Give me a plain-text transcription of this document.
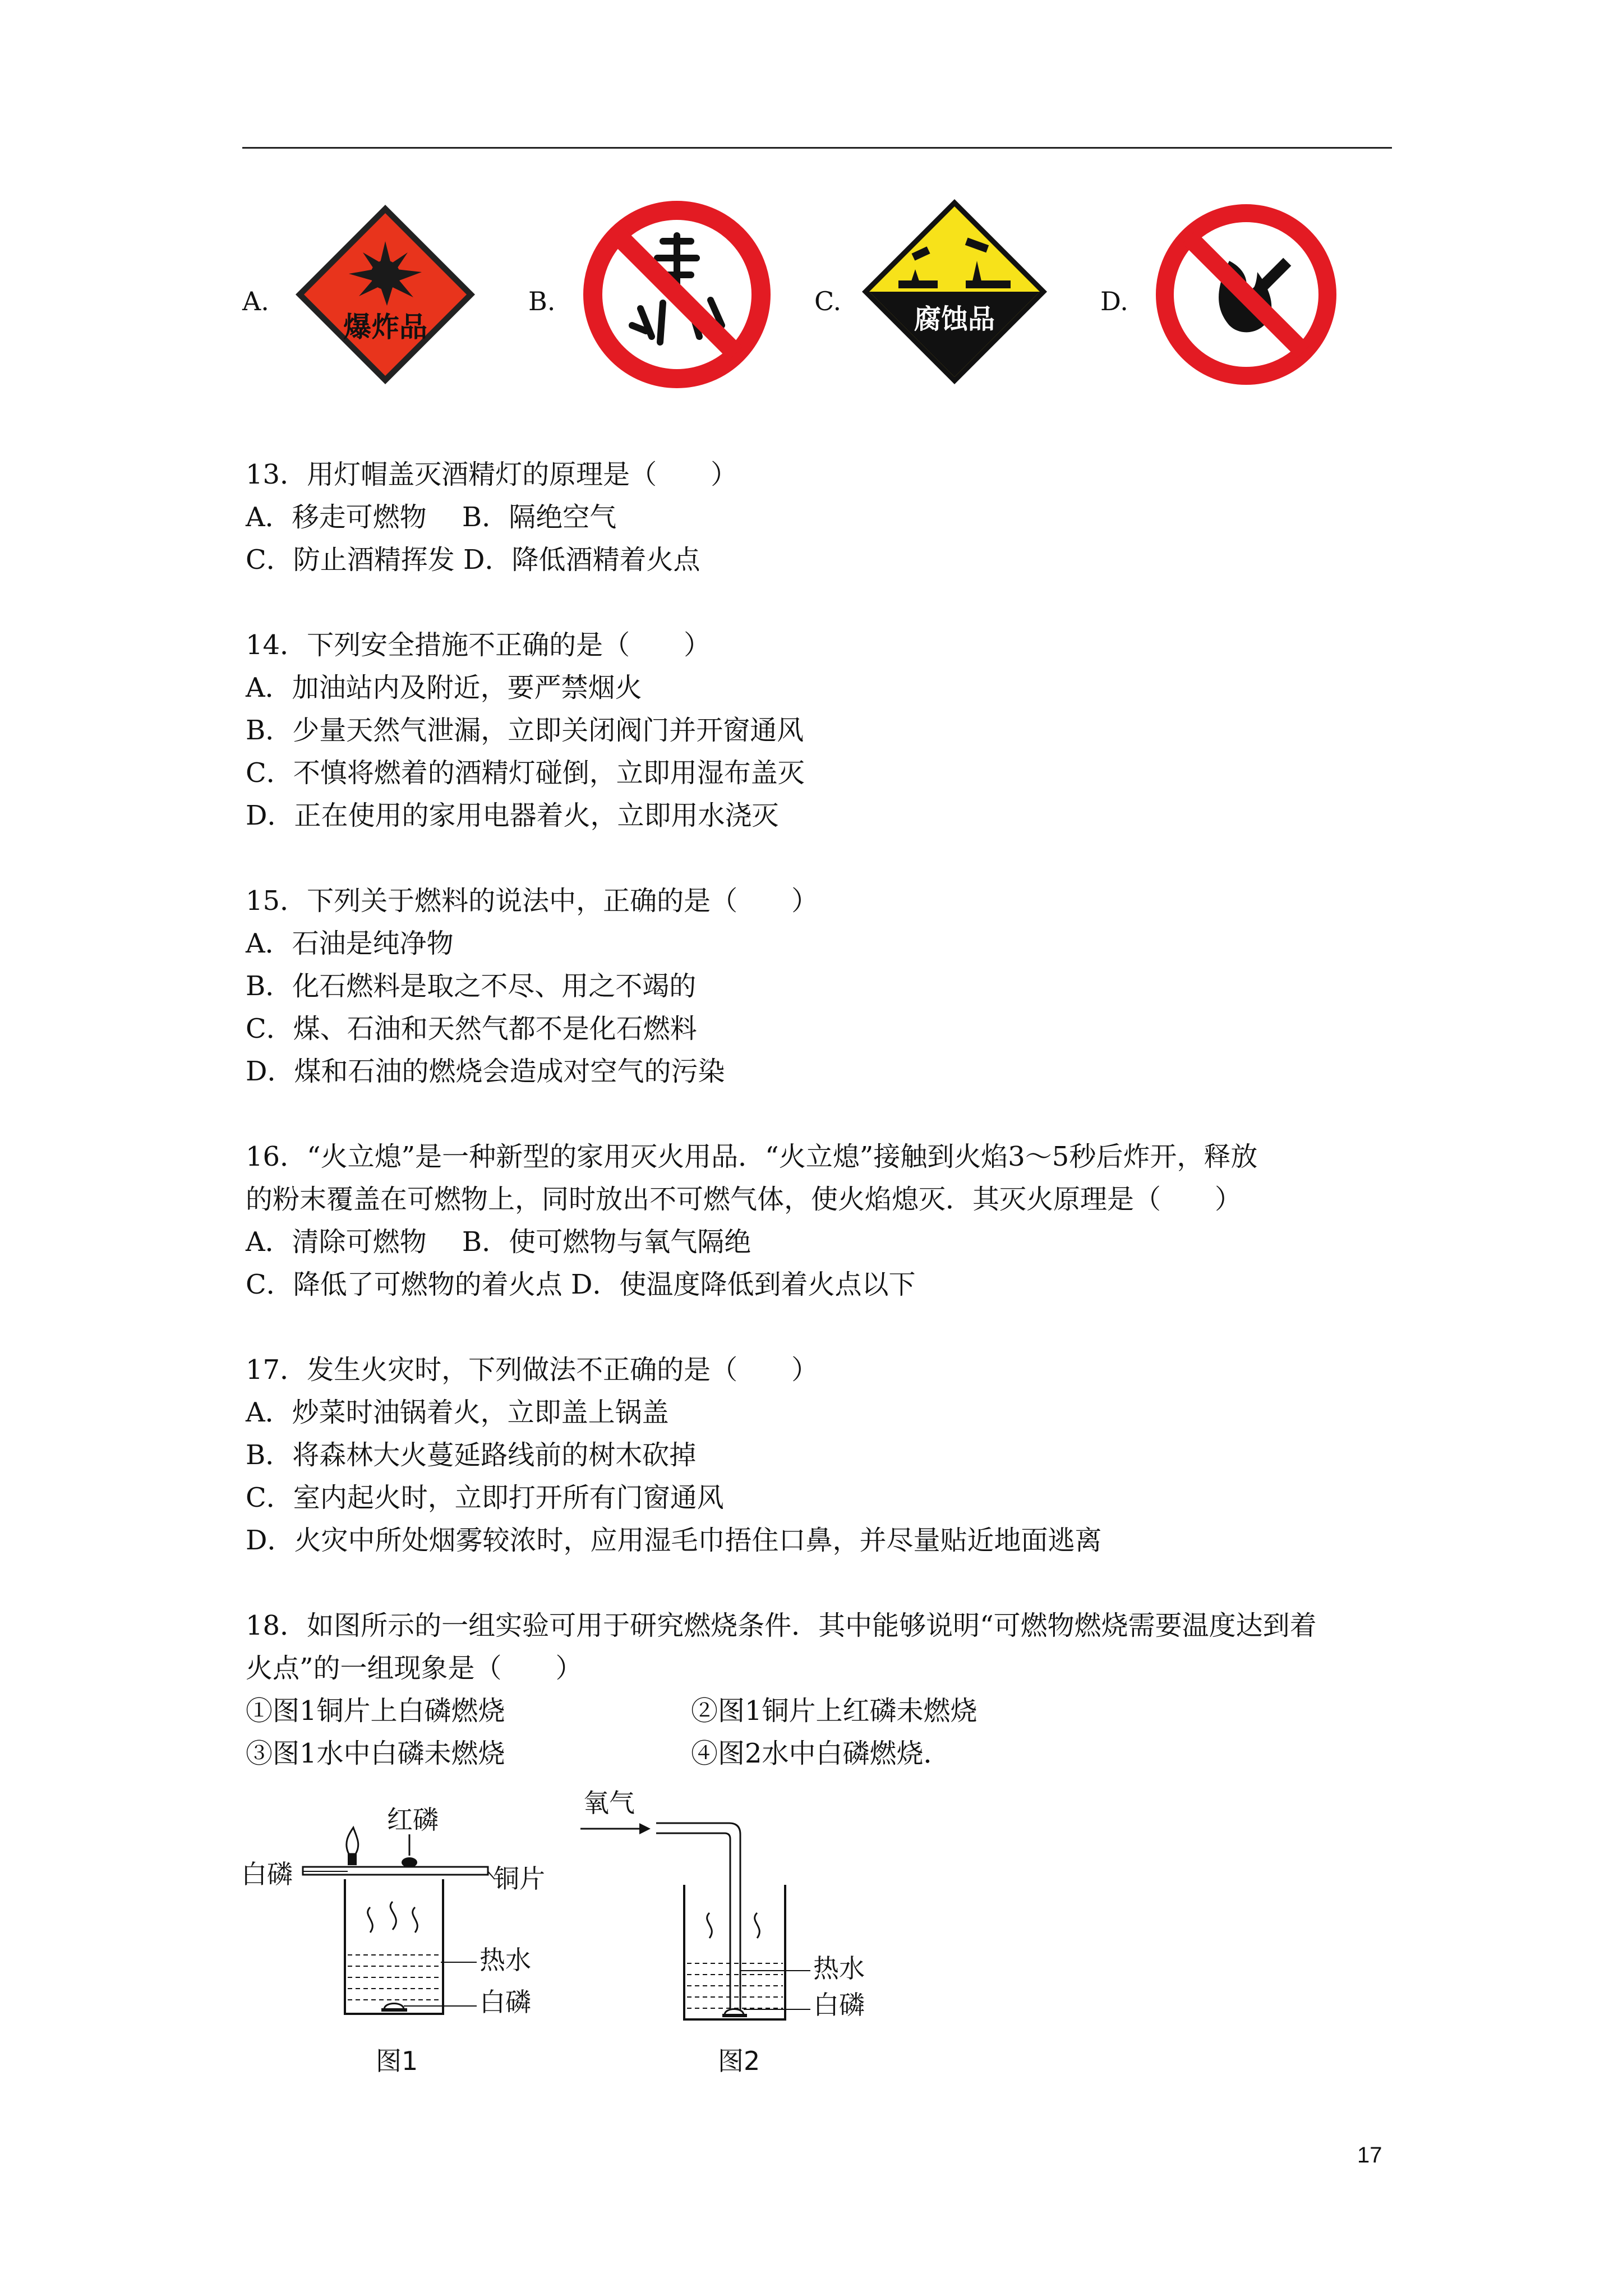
A.
爆炸品
B.	C.
腐蚀品
D.
13．用灯帽盖灭酒精灯的原理是（　　）
A．移走可燃物　 B．隔绝空气
C．防止酒精挥发 D．降低酒精着火点
14．下列安全措施不正确的是（　　）
A．加油站内及附近，要严禁烟火
B．少量天然气泄漏，立即关闭阀门并开窗通风
C．不慎将燃着的酒精灯碰倒，立即用湿布盖灭
D．正在使用的家用电器着火，立即用水浇灭
15．下列关于燃料的说法中，正确的是（　　）
A．石油是纯净物
B．化石燃料是取之不尽、用之不竭的
C．煤、石油和天然气都不是化石燃料
D．煤和石油的燃烧会造成对空气的污染
16．“火立熄”是一种新型的家用灭火用品．“火立熄”接触到火焰3～5秒后炸开，释放
的粉末覆盖在可燃物上，同时放出不可燃气体，使火焰熄灭．其灭火原理是（　　）
A．清除可燃物　 B．使可燃物与氧气隔绝
C．降低了可燃物的着火点 D．使温度降低到着火点以下
17．发生火灾时，下列做法不正确的是（　　）
A．炒菜时油锅着火，立即盖上锅盖
B．将森林大火蔓延路线前的树木砍掉
C．室内起火时，立即打开所有门窗通风
D．火灾中所处烟雾较浓时，应用湿毛巾捂住口鼻，并尽量贴近地面逃离
18．如图所示的一组实验可用于研究燃烧条件．其中能够说明“可燃物燃烧需要温度达到着
火点”的一组现象是（　　）
①图1铜片上白磷燃烧	②图1铜片上红磷未燃烧
③图1水中白磷未燃烧	④图2水中白磷燃烧．
红磷
白磷	铜片
热水
白磷
图1
氧气
热水
白磷
图2
17
